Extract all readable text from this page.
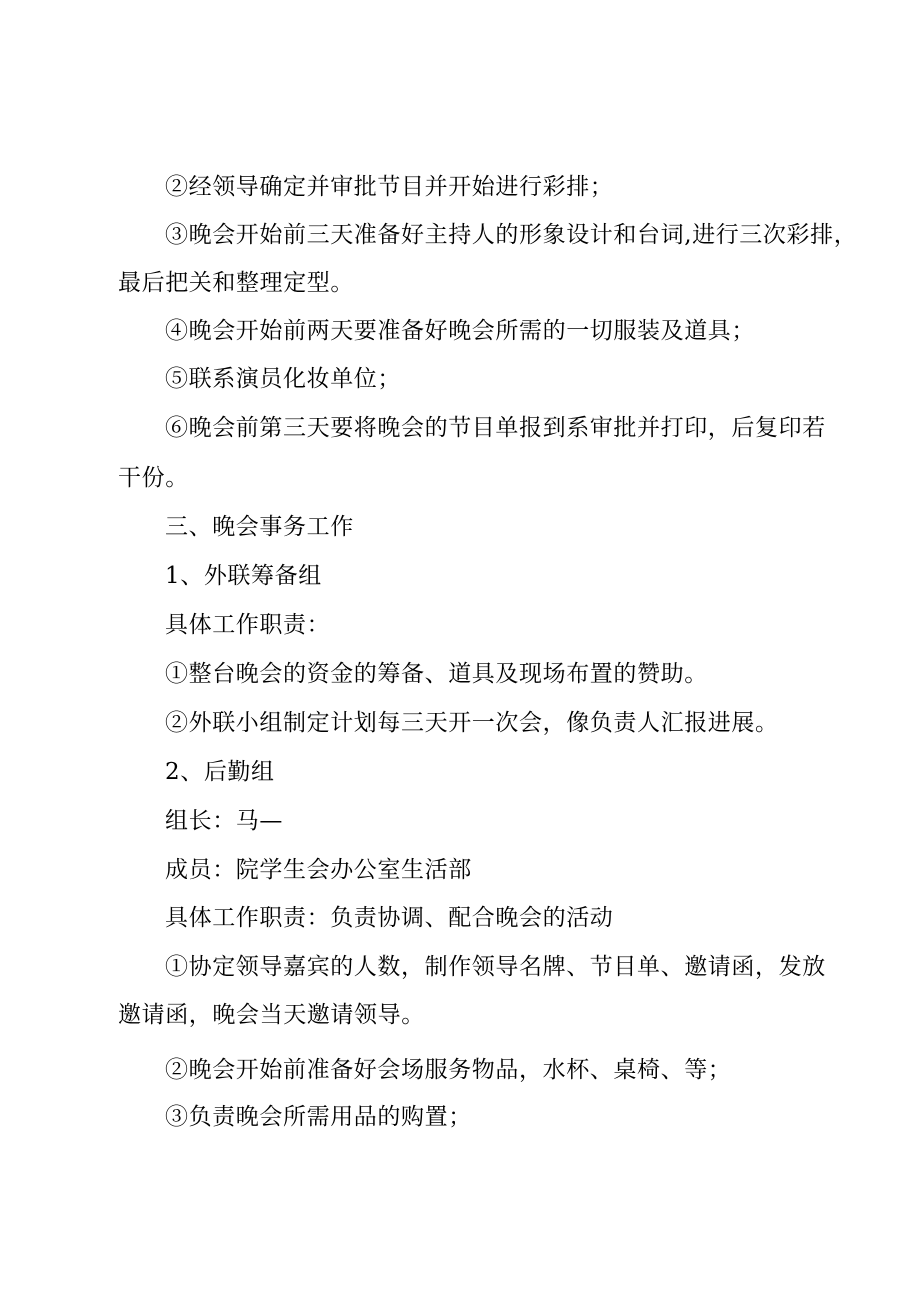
②经领导确定并审批节目并开始进行彩排；
③晚会开始前三天准备好主持人的形象设计和台词,进行三次彩排，
最后把关和整理定型。
④晚会开始前两天要准备好晚会所需的一切服装及道具；
⑤联系演员化妆单位；
⑥晚会前第三天要将晚会的节目单报到系审批并打印，后复印若
干份。
三、晚会事务工作
1、外联筹备组
具体工作职责：
①整台晚会的资金的筹备、道具及现场布置的赞助。
②外联小组制定计划每三天开一次会，像负责人汇报进展。
2、后勤组
组长：马—
成员：院学生会办公室生活部
具体工作职责：负责协调、配合晚会的活动
①协定领导嘉宾的人数，制作领导名牌、节目单、邀请函，发放
邀请函，晚会当天邀请领导。
②晚会开始前准备好会场服务物品，水杯、桌椅、等；
③负责晚会所需用品的购置；
